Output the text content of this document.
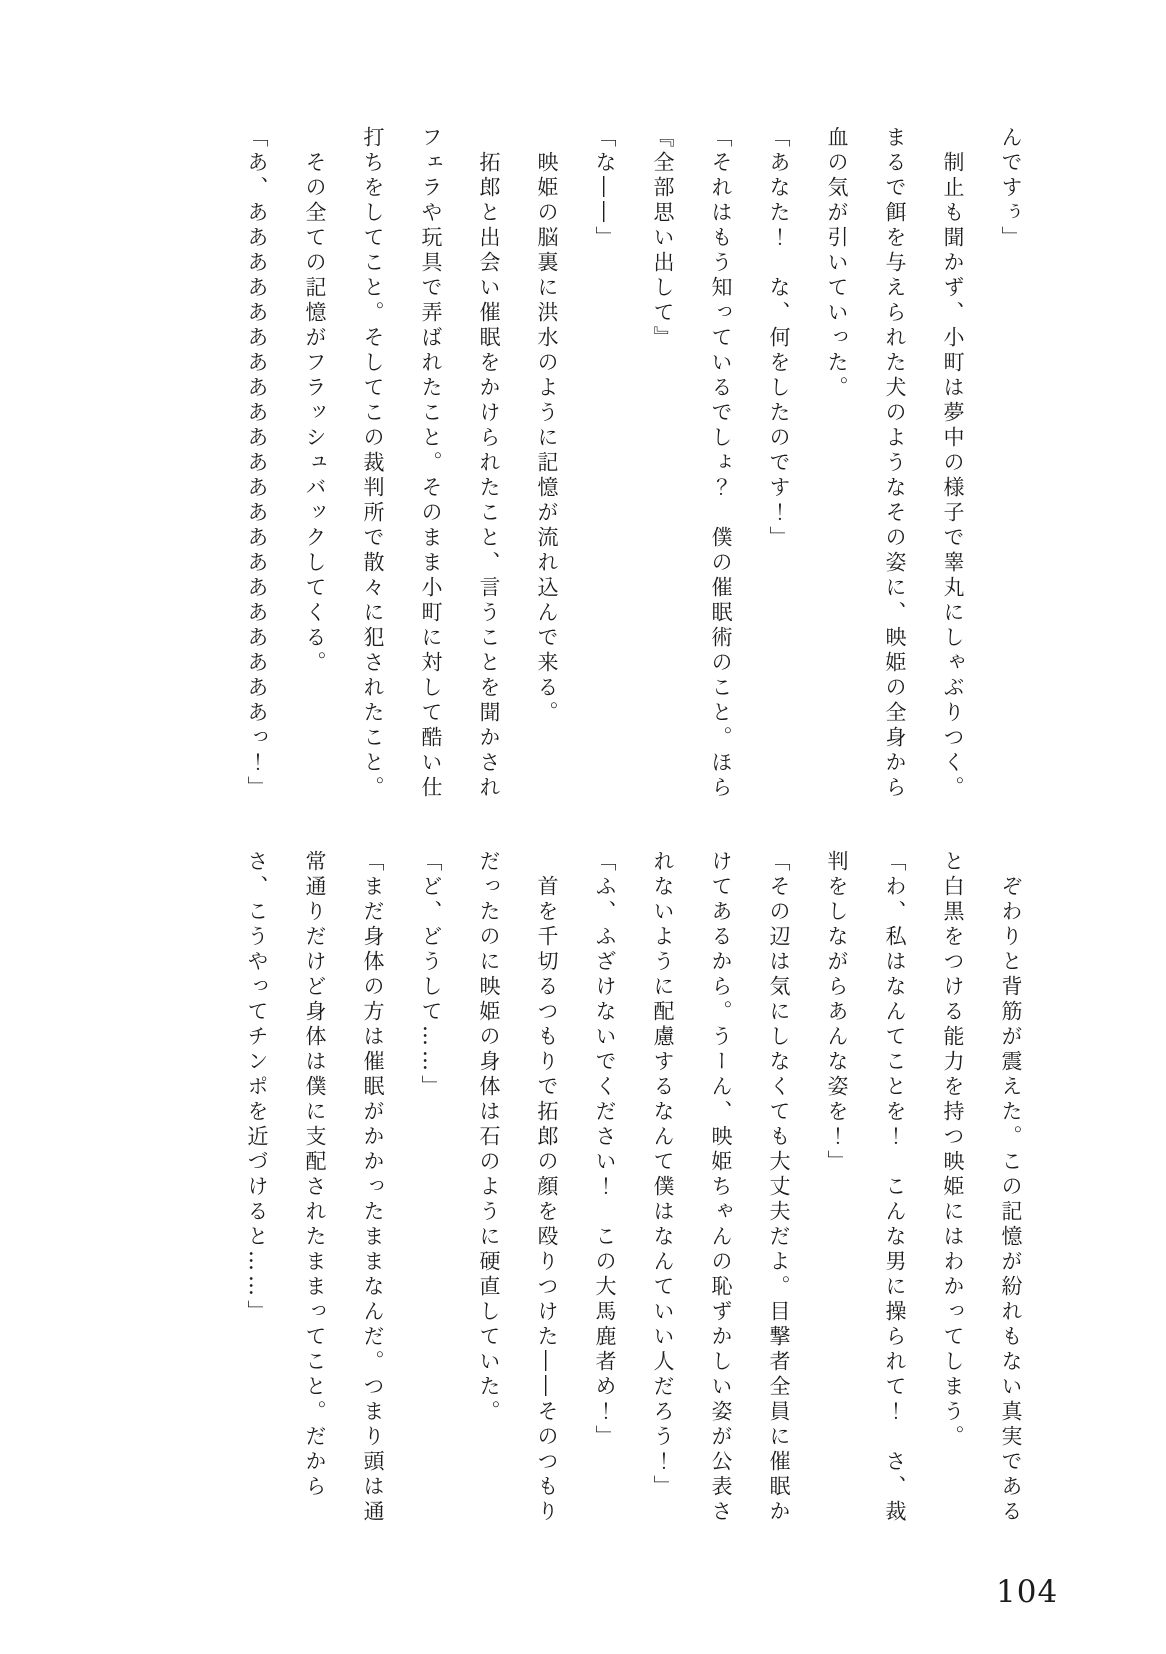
んですぅ」

　制止も聞かず、小町は夢中の様子で睾丸にしゃぶりつく。

まるで餌を与えられた犬のようなその姿に、映姫の全身から

血の気が引いていった。

「あなた！　な、何をしたのです！」

「それはもう知っているでしょ？　僕の催眠術のこと。ほら

『全部思い出して』

「な――」

　映姫の脳裏に洪水のように記憶が流れ込んで来る。

　拓郎と出会い催眠をかけられたこと、言うことを聞かされ

フェラや玩具で弄ばれたこと。そのまま小町に対して酷い仕

打ちをしてこと。そしてこの裁判所で散々に犯されたこと。

　その全ての記憶がフラッシュバックしてくる。

「あ、あああああああああああああああああああああっ！」

　ぞわりと背筋が震えた。この記憶が紛れもない真実である

と白黒をつける能力を持つ映姫にはわかってしまう。

「わ、私はなんてことを！　こんな男に操られて！　さ、裁

判をしながらあんな姿を！」

「その辺は気にしなくても大丈夫だよ。目撃者全員に催眠か

けてあるから。うーん、映姫ちゃんの恥ずかしい姿が公表さ

れないように配慮するなんて僕はなんていい人だろう！」

「ふ、ふざけないでください！　この大馬鹿者め！」

　首を千切るつもりで拓郎の顔を殴りつけた――そのつもり

だったのに映姫の身体は石のように硬直していた。

「ど、どうして……」

「まだ身体の方は催眠がかかったままなんだ。つまり頭は通

常通りだけど身体は僕に支配されたままってこと。だから

さ、こうやってチンポを近づけると……」

104
